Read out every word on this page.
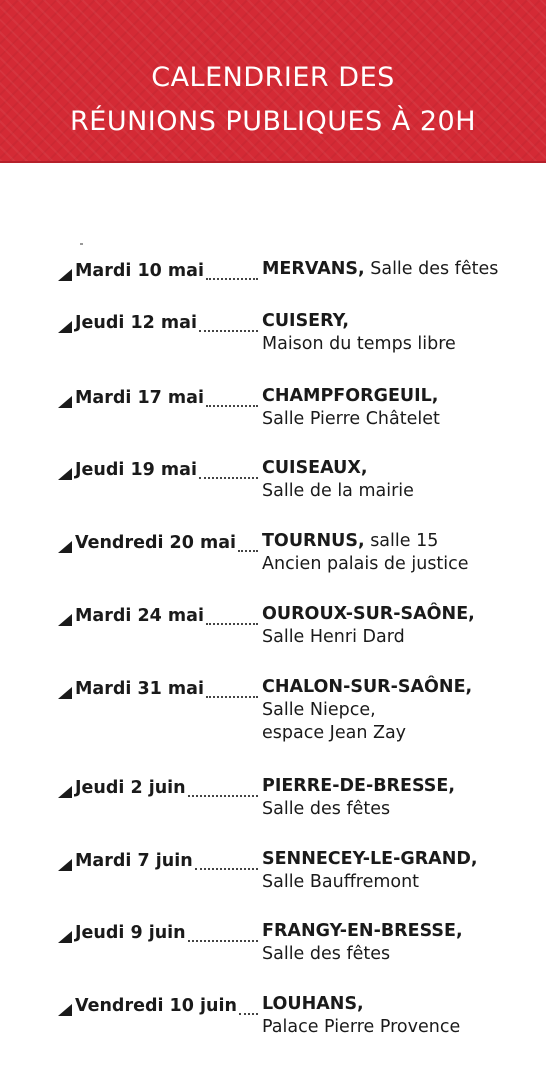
CALENDRIER DES
RÉUNIONS PUBLIQUES À 20H
Mardi 10 mai	MERVANS, Salle des fêtes
Jeudi 12 mai	CUISERY,
Maison du temps libre
Mardi 17 mai	CHAMPFORGEUIL,
Salle Pierre Châtelet
Jeudi 19 mai	CUISEAUX,
Salle de la mairie
Vendredi 20 mai TOURNUS, salle 15
Ancien palais de justice
Mardi 24 mai	OUROUX-SUR-SAÔNE,
Salle Henri Dard
Mardi 31 mai	CHALON-SUR-SAÔNE,
Salle Niepce,
espace Jean Zay
Jeudi 2 juin	PIERRE-DE-BRESSE,
Salle des fêtes
Mardi 7 juin	SENNECEY-LE-GRAND,
Salle Bauffremont
Jeudi 9 juin	FRANGY-EN-BRESSE,
Salle des fêtes
Vendredi 10 juin LOUHANS,
Palace Pierre Provence
